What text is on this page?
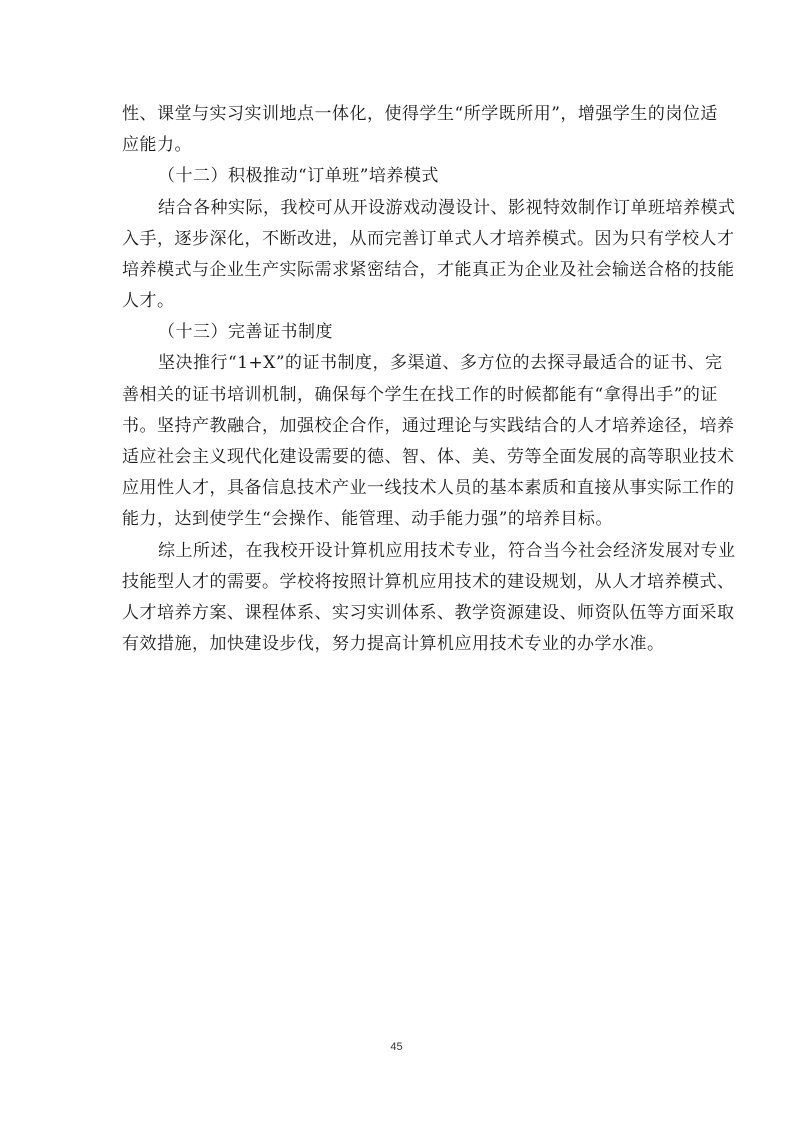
性、课堂与实习实训地点一体化，使得学生“所学既所用”，增强学生的岗位适
应能力。
（十二）积极推动“订单班”培养模式
结合各种实际，我校可从开设游戏动漫设计、影视特效制作订单班培养模式
入手，逐步深化，不断改进，从而完善订单式人才培养模式。因为只有学校人才
培养模式与企业生产实际需求紧密结合，才能真正为企业及社会输送合格的技能
人才。
（十三）完善证书制度
坚决推行“1+X”的证书制度，多渠道、多方位的去探寻最适合的证书、完
善相关的证书培训机制，确保每个学生在找工作的时候都能有“拿得出手”的证
书。坚持产教融合，加强校企合作，通过理论与实践结合的人才培养途径，培养
适应社会主义现代化建设需要的德、智、体、美、劳等全面发展的高等职业技术
应用性人才，具备信息技术产业一线技术人员的基本素质和直接从事实际工作的
能力，达到使学生“会操作、能管理、动手能力强”的培养目标。
综上所述，在我校开设计算机应用技术专业，符合当今社会经济发展对专业
技能型人才的需要。学校将按照计算机应用技术的建设规划，从人才培养模式、
人才培养方案、课程体系、实习实训体系、教学资源建设、师资队伍等方面采取
有效措施，加快建设步伐，努力提高计算机应用技术专业的办学水准。
45
